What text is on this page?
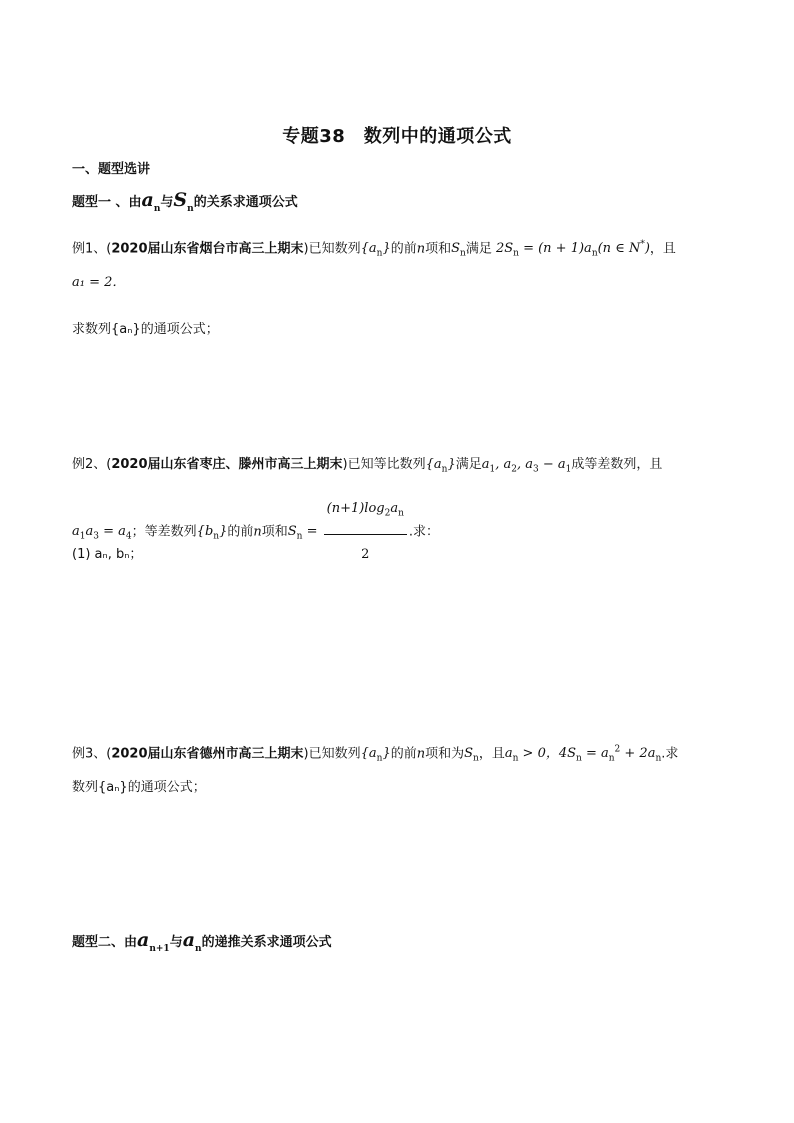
专题38　数列中的通项公式
一、题型选讲
题型一 、由$a_n$与$S_n$的关系求通项公式
例1、(2020届山东省烟台市高三上期末)已知数列$\{a_n\}$的前n项和$S_n$满足 $2S_n = (n + 1)a_n(n$ ∈ N*)，且
a₁ = 2．
求数列{aₙ}的通项公式；
例2、(2020届山东省枣庄、滕州市高三上期末)已知等比数列$\{a_n\}$满足$a_1$, $a_2$, $a_3 - a_1$成等差数列，且
$a_1a_3 = a_4$；等差数列$\{b_n\}$的前n项和$S_n = \frac{(n+1)\log_2a_n}{2}$ .求：
(1) aₙ, bₙ；
例3、(2020届山东省德州市高三上期末)已知数列$\{a_n\}$的前n项和为$S_n$，且$a_n > 0$，$4S_n = a_n^2 + 2a_n$.求
数列{aₙ}的通项公式；
题型二、由$a_{n+1}$与$a_n$的递推关系求通项公式
